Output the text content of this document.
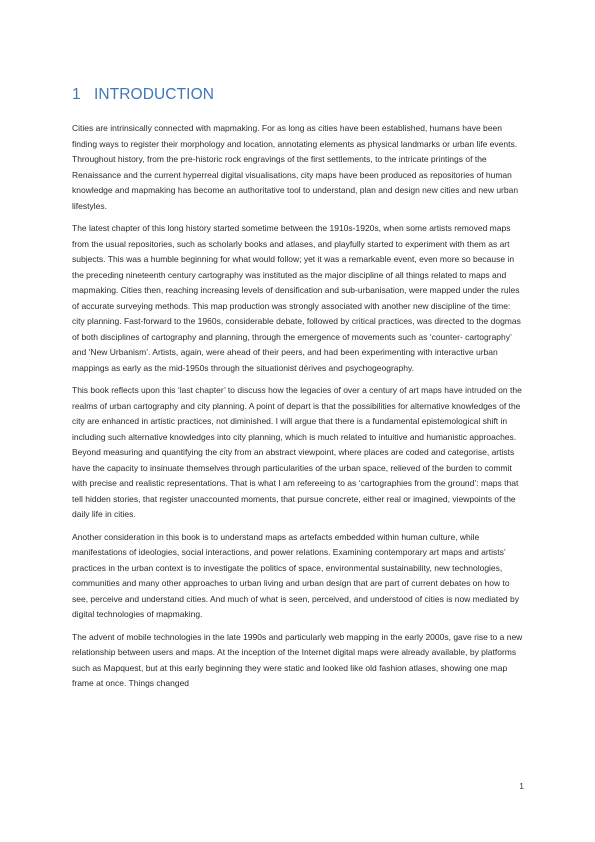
1 INTRODUCTION

Cities are intrinsically connected with mapmaking. For as long as cities have been established, humans have been finding ways to register their morphology and location, annotating elements as physical landmarks or urban life events. Throughout history, from the pre-historic rock engravings of the first settlements, to the intricate printings of the Renaissance and the current hyperreal digital visualisations, city maps have been produced as repositories of human knowledge and mapmaking has become an authoritative tool to understand, plan and design new cities and new urban lifestyles.

The latest chapter of this long history started sometime between the 1910s-1920s, when some artists removed maps from the usual repositories, such as scholarly books and atlases, and playfully started to experiment with them as art subjects. This was a humble beginning for what would follow; yet it was a remarkable event, even more so because in the preceding nineteenth century cartography was instituted as the major discipline of all things related to maps and mapmaking. Cities then, reaching increasing levels of densification and sub-urbanisation, were mapped under the rules of accurate surveying methods. This map production was strongly associated with another new discipline of the time: city planning. Fast-forward to the 1960s, considerable debate, followed by critical practices, was directed to the dogmas of both disciplines of cartography and planning, through the emergence of movements such as ‘counter- cartography’ and ‘New Urbanism’. Artists, again, were ahead of their peers, and had been experimenting with interactive urban mappings as early as the mid-1950s through the situationist dérives and psychogeography.

This book reflects upon this ‘last chapter’ to discuss how the legacies of over a century of art maps have intruded on the realms of urban cartography and city planning. A point of depart is that the possibilities for alternative knowledges of the city are enhanced in artistic practices, not diminished. I will argue that there is a fundamental epistemological shift in including such alternative knowledges into city planning, which is much related to intuitive and humanistic approaches. Beyond measuring and quantifying the city from an abstract viewpoint, where places are coded and categorise, artists have the capacity to insinuate themselves through particularities of the urban space, relieved of the burden to commit with precise and realistic representations. That is what I am refereeing to as ‘cartographies from the ground’: maps that tell hidden stories, that register unaccounted moments, that pursue concrete, either real or imagined, viewpoints of the daily life in cities.

Another consideration in this book is to understand maps as artefacts embedded within human culture, while manifestations of ideologies, social interactions, and power relations. Examining contemporary art maps and artists’ practices in the urban context is to investigate the politics of space, environmental sustainability, new technologies, communities and many other approaches to urban living and urban design that are part of current debates on how to see, perceive and understand cities. And much of what is seen, perceived, and understood of cities is now mediated by digital technologies of mapmaking.

The advent of mobile technologies in the late 1990s and particularly web mapping in the early 2000s, gave rise to a new relationship between users and maps. At the inception of the Internet digital maps were already available, by platforms such as Mapquest, but at this early beginning they were static and looked like old fashion atlases, showing one map frame at once. Things changed

1
